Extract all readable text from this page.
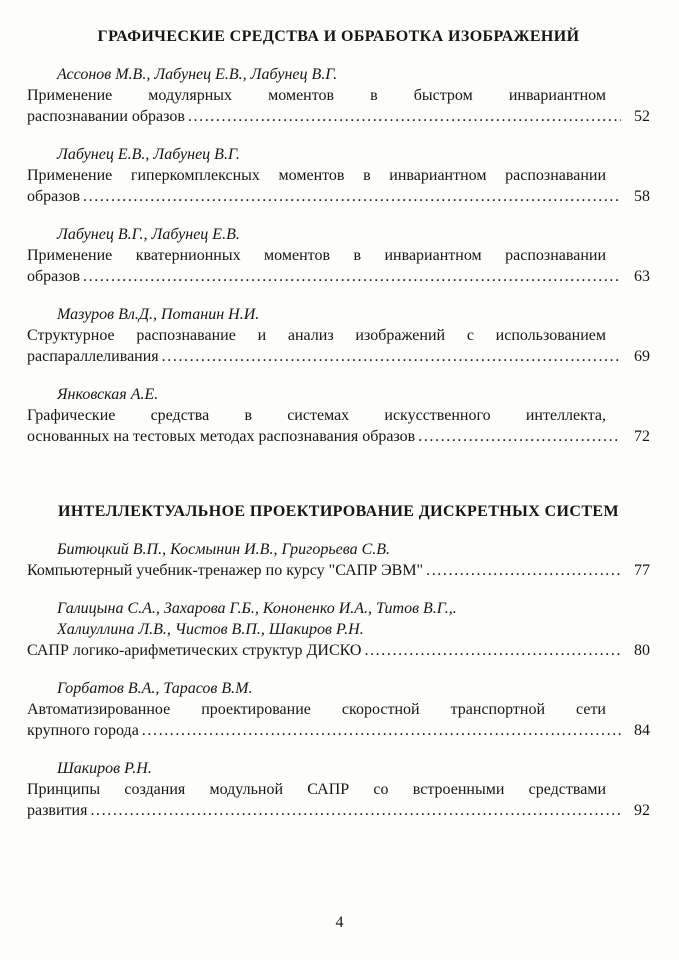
ГРАФИЧЕСКИЕ СРЕДСТВА И ОБРАБОТКА ИЗОБРАЖЕНИЙ
Ассонов М.В., Лабунец Е.В., Лабунец В.Г.
Применение модулярных моментов в быстром инвариантном
распознавании образов .....	52
Лабунец Е.В., Лабунец В.Г.
Применение гиперкомплексных моментов в инвариантном распознавании
образов .....	58
Лабунец В.Г., Лабунец Е.В.
Применение кватернионных моментов в инвариантном распознавании
образов .....	63
Мазуров Вл.Д., Потанин Н.И.
Структурное распознавание и анализ изображений с использованием
распараллеливания .....	69
Янковская А.Е.
Графические средства в системах искусственного интеллекта,
основанных на тестовых методах распознавания образов .....	72
ИНТЕЛЛЕКТУАЛЬНОЕ ПРОЕКТИРОВАНИЕ ДИСКРЕТНЫХ СИСТЕМ
Битюцкий В.П., Космынин И.В., Григорьева С.В.
Компьютерный учебник-тренажер по курсу "САПР ЭВМ" .....	77
Галицына С.А., Захарова Г.Б., Кононенко И.А., Титов В.Г.,.
Халиуллина Л.В., Чистов В.П., Шакиров Р.Н.
САПР логико-арифметических структур ДИСКО .....	80
Горбатов В.А., Тарасов В.М.
Автоматизированное проектирование скоростной транспортной сети
крупного города .....	84
Шакиров Р.Н.
Принципы создания модульной САПР со встроенными средствами
развития .....	92
4
